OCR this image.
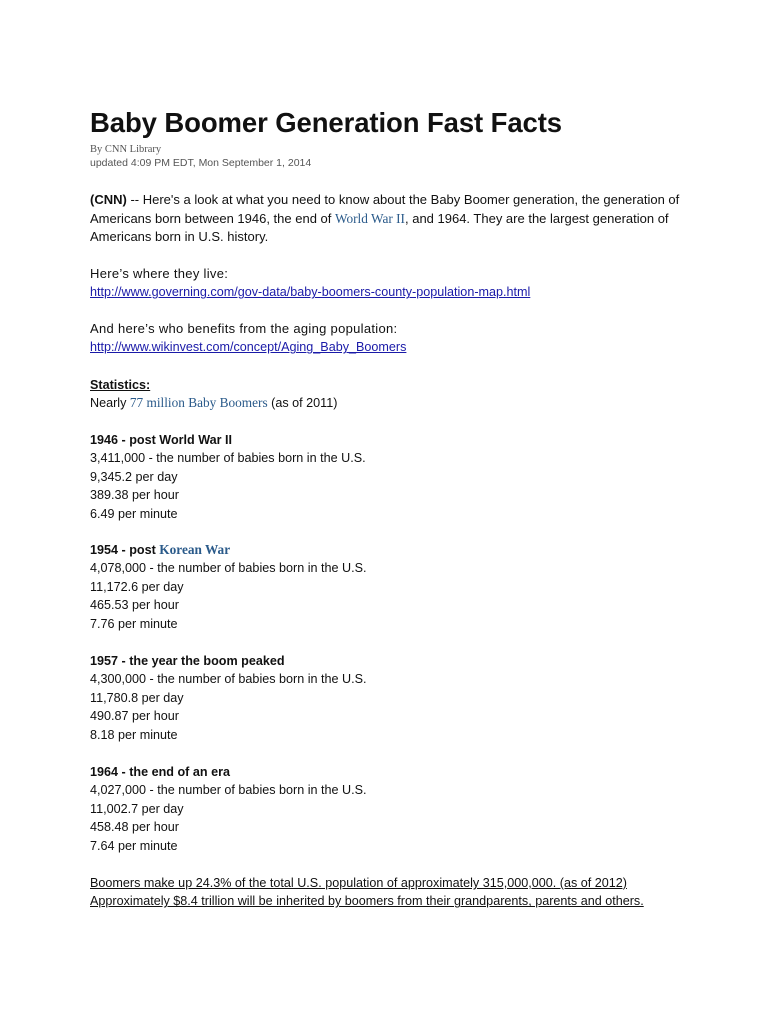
Baby Boomer Generation Fast Facts
By CNN Library
updated 4:09 PM EDT, Mon September 1, 2014
(CNN) -- Here's a look at what you need to know about the Baby Boomer generation, the generation of Americans born between 1946, the end of World War II, and 1964. They are the largest generation of Americans born in U.S. history.
Here’s where they live:
http://www.governing.com/gov-data/baby-boomers-county-population-map.html
And here’s who benefits from the aging population:
http://www.wikinvest.com/concept/Aging_Baby_Boomers
Statistics:
Nearly 77 million Baby Boomers (as of 2011)
1946 - post World War II
3,411,000 - the number of babies born in the U.S.
9,345.2 per day
389.38 per hour
6.49 per minute
1954 - post Korean War
4,078,000 - the number of babies born in the U.S.
11,172.6 per day
465.53 per hour
7.76 per minute
1957 - the year the boom peaked
4,300,000 - the number of babies born in the U.S.
11,780.8 per day
490.87 per hour
8.18 per minute
1964 - the end of an era
4,027,000 - the number of babies born in the U.S.
11,002.7 per day
458.48 per hour
7.64 per minute
Boomers make up 24.3% of the total U.S. population of approximately 315,000,000. (as of 2012)
Approximately $8.4 trillion will be inherited by boomers from their grandparents, parents and others.
